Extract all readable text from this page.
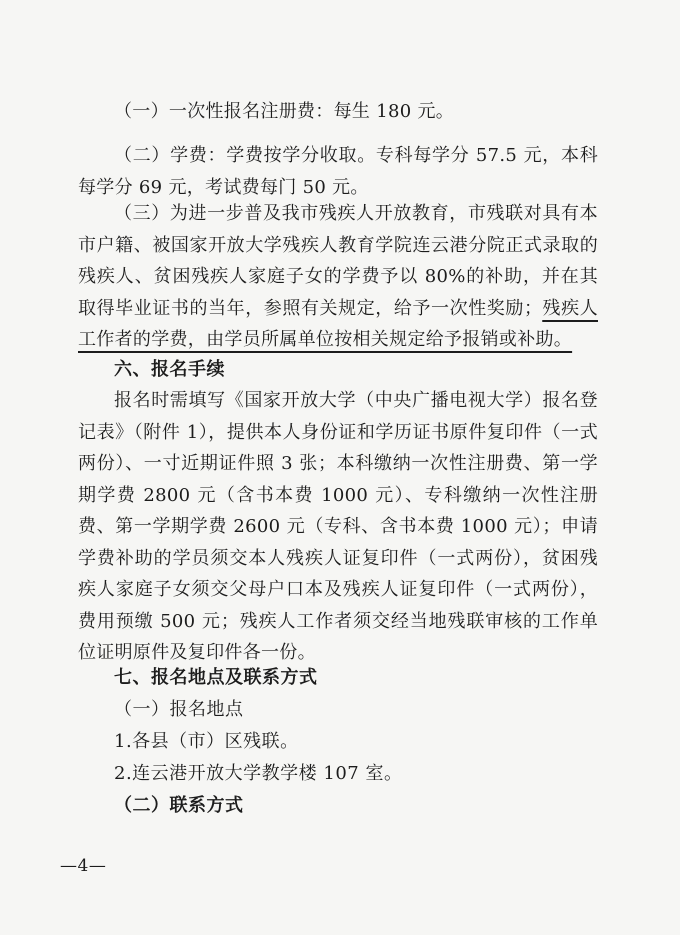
（一）一次性报名注册费：每生 180 元。

（二）学费：学费按学分收取。专科每学分 57.5 元，本科每学分 69 元，考试费每门 50 元。

（三）为进一步普及我市残疾人开放教育，市残联对具有本市户籍、被国家开放大学残疾人教育学院连云港分院正式录取的残疾人、贫困残疾人家庭子女的学费予以 80%的补助，并在其取得毕业证书的当年，参照有关规定，给予一次性奖励；残疾人工作者的学费，由学员所属单位按相关规定给予报销或补助。

六、报名手续

报名时需填写《国家开放大学（中央广播电视大学）报名登记表》（附件 1），提供本人身份证和学历证书原件复印件（一式两份）、一寸近期证件照 3 张；本科缴纳一次性注册费、第一学期学费 2800 元（含书本费 1000 元）、专科缴纳一次性注册费、第一学期学费 2600 元（专科、含书本费 1000 元）；申请学费补助的学员须交本人残疾人证复印件（一式两份），贫困残疾人家庭子女须交父母户口本及残疾人证复印件（一式两份），费用预缴 500 元；残疾人工作者须交经当地残联审核的工作单位证明原件及复印件各一份。

七、报名地点及联系方式
（一）报名地点
1.各县（市）区残联。
2.连云港开放大学教学楼 107 室。
（二）联系方式
—4—
